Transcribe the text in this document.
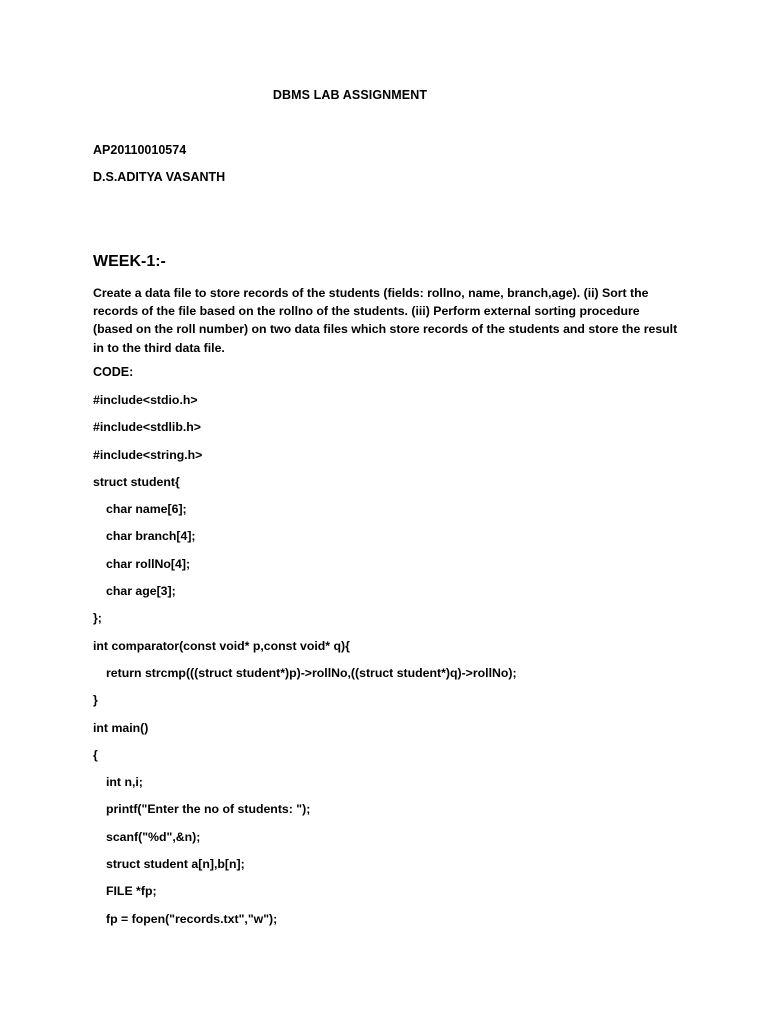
DBMS LAB ASSIGNMENT
AP20110010574
D.S.ADITYA VASANTH
WEEK-1:-
Create a data file to store records of the students (fields: rollno, name, branch,age). (ii) Sort the
records of the file based on the rollno of the students. (iii) Perform external sorting procedure
(based on the roll number) on two data files which store records of the students and store the result
in to the third data file.
CODE:
#include<stdio.h>
#include<stdlib.h>
#include<string.h>
struct student{
char name[6];
char branch[4];
char rollNo[4];
char age[3];
};
int comparator(const void* p,const void* q){
return strcmp(((struct student*)p)->rollNo,((struct student*)q)->rollNo);
}
int main()
{
int n,i;
printf("Enter the no of students: ");
scanf("%d",&n);
struct student a[n],b[n];
FILE *fp;
fp = fopen("records.txt","w");
